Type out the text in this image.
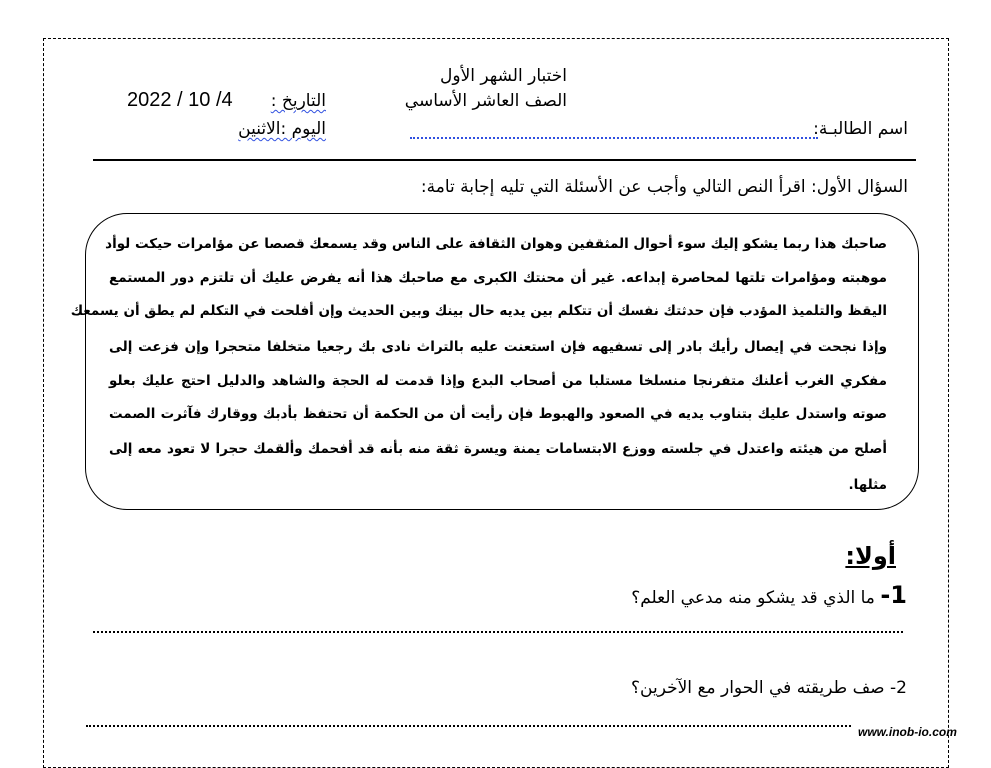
اختبار الشهر الأول
الصف العاشر الأساسي
التاريخ :
2022 / 10 /4
اليوم :الاثنين	اسم الطالبـة:
السؤال الأول: اقرأ النص التالي وأجب عن الأسئلة التي تليه إجابة تامة:
صاحبك هذا ربما يشكو إليك سوء أحوال المثقفين وهوان الثقافة على الناس وقد يسمعك قصصا عن مؤامرات حيكت لوأد
موهبته ومؤامرات تلتها لمحاصرة إبداعه. غير أن محنتك الكبرى مع صاحبك هذا أنه يفرض عليك أن تلتزم دور المستمع
اليقظ والتلميذ المؤدب فإن حدثتك نفسك أن تتكلم بين يديه حال بينك وبين الحديث وإن أفلحت في التكلم لم يطق أن يسمعك
وإذا نجحت في إيصال رأيك بادر إلى تسفيهه فإن استعنت عليه بالتراث نادى بك رجعيا متخلفا متحجرا وإن فزعت إلى
مفكري الغرب أعلنك متفرنجا منسلخا مستلبا من أصحاب البدع وإذا قدمت له الحجة والشاهد والدليل احتج عليك بعلو
صوته واستدل عليك بتناوب يديه في الصعود والهبوط فإن رأيت أن من الحكمة أن تحتفظ بأدبك ووقارك فآثرت الصمت
أصلح من هيئته واعتدل في جلسته ووزع الابتسامات يمنة ويسرة ثقة منه بأنه قد أفحمك وألقمك حجرا لا تعود معه إلى
مثلها.
أولا:
1- ما الذي قد يشكو منه مدعي العلم؟
2- صف طريقته في الحوار مع الآخرين؟
www.inob-io.com
